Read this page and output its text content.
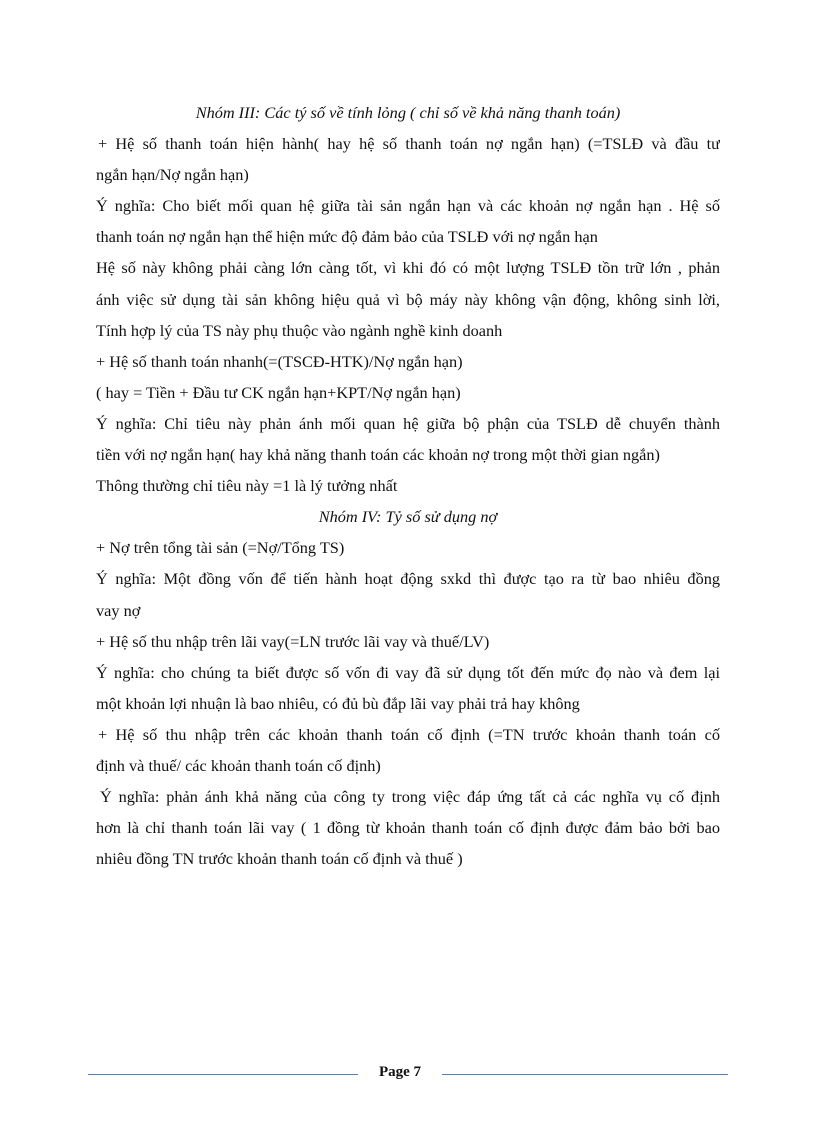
Nhóm III: Các tý số về tính lỏng ( chỉ số về khả năng thanh toán)
+ Hệ số thanh toán hiện hành( hay hệ số thanh toán nợ ngắn hạn) (=TSLĐ và đầu tư
ngắn hạn/Nợ ngắn hạn)
Ý nghĩa: Cho biết mối quan hệ giữa tài sản ngắn hạn và các khoản nợ ngắn hạn . Hệ số
thanh toán nợ ngắn hạn thể hiện mức độ đảm bảo của TSLĐ với nợ ngắn hạn
Hệ số này không phải càng lớn càng tốt, vì khi đó có một lượng TSLĐ tồn trữ lớn , phản
ánh việc sử dụng tài sản không hiệu quả vì bộ máy này không vận động, không sinh lời,
Tính hợp lý của TS này phụ thuộc vào ngành nghề kinh doanh
+ Hệ số thanh toán nhanh(=(TSCĐ-HTK)/Nợ ngắn hạn)
( hay = Tiền + Đầu tư CK ngắn hạn+KPT/Nợ ngắn hạn)
Ý nghĩa: Chỉ tiêu này phản ánh mối quan hệ giữa bộ phận của TSLĐ dễ chuyển thành
tiền với nợ ngắn hạn( hay khả năng thanh toán các khoản nợ trong một thời gian ngắn)
Thông thường chỉ tiêu này =1 là lý tưởng nhất
Nhóm IV: Tỷ số sử dụng nợ
+ Nợ trên tổng tài sản (=Nợ/Tổng TS)
Ý nghĩa: Một đồng vốn để tiến hành hoạt động sxkd thì được tạo ra từ bao nhiêu đồng
vay nợ
+ Hệ số thu nhập trên lãi vay(=LN trước lãi vay và thuế/LV)
Ý nghĩa: cho chúng ta biết được số vốn đi vay đã sử dụng tốt đến mức đọ nào và đem lại
một khoản lợi nhuận là bao nhiêu, có đủ bù đắp lãi vay phải trả hay không
+ Hệ số thu nhập trên các khoản thanh toán cố định (=TN trước khoản thanh toán cố
định và thuế/ các khoản thanh toán cố định)
Ý nghĩa: phản ánh khả năng của công ty trong việc đáp ứng tất cả các nghĩa vụ cố định
hơn là chỉ thanh toán lãi vay ( 1 đồng từ khoản thanh toán cố định được đảm bảo bởi bao
nhiêu đồng TN trước khoản thanh toán cố định và thuế )
Page 7
